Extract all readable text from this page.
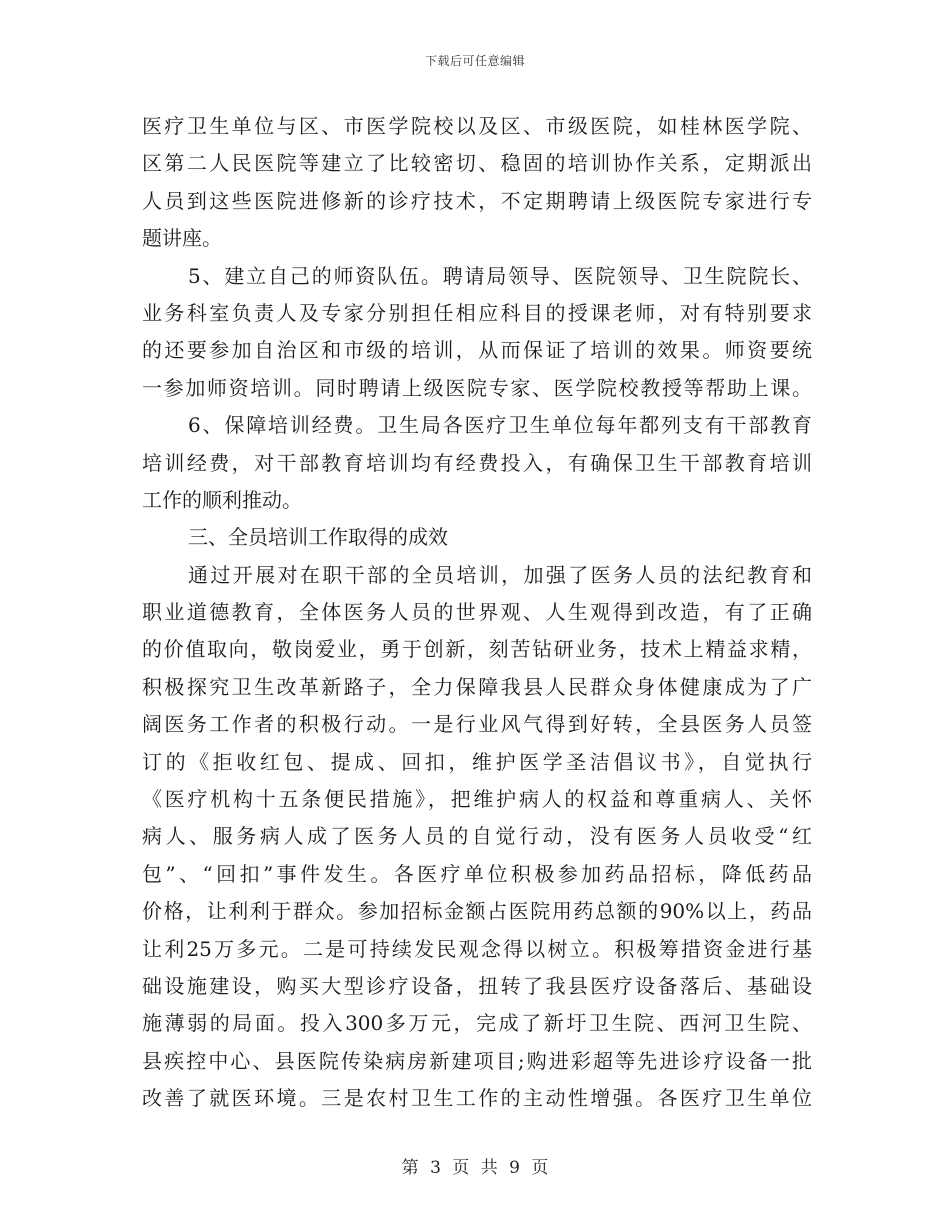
下载后可任意编辑
医疗卫生单位与区、市医学院校以及区、市级医院，如桂林医学院、
区第二人民医院等建立了比较密切、稳固的培训协作关系，定期派出
人员到这些医院进修新的诊疗技术，不定期聘请上级医院专家进行专
题讲座。
5、建立自己的师资队伍。聘请局领导、医院领导、卫生院院长、
业务科室负责人及专家分别担任相应科目的授课老师，对有特别要求
的还要参加自治区和市级的培训，从而保证了培训的效果。师资要统
一参加师资培训。同时聘请上级医院专家、医学院校教授等帮助上课。
6、保障培训经费。卫生局各医疗卫生单位每年都列支有干部教育
培训经费，对干部教育培训均有经费投入，有确保卫生干部教育培训
工作的顺利推动。
三、全员培训工作取得的成效
通过开展对在职干部的全员培训，加强了医务人员的法纪教育和
职业道德教育，全体医务人员的世界观、人生观得到改造，有了正确
的价值取向，敬岗爱业，勇于创新，刻苦钻研业务，技术上精益求精，
积极探究卫生改革新路子，全力保障我县人民群众身体健康成为了广
阔医务工作者的积极行动。一是行业风气得到好转，全县医务人员签
订的《拒收红包、提成、回扣，维护医学圣洁倡议书》，自觉执行
《医疗机构十五条便民措施》，把维护病人的权益和尊重病人、关怀
病人、服务病人成了医务人员的自觉行动，没有医务人员收受“红
包”、“回扣”事件发生。各医疗单位积极参加药品招标，降低药品
价格，让利利于群众。参加招标金额占医院用药总额的90%以上，药品
让利25万多元。二是可持续发民观念得以树立。积极筹措资金进行基
础设施建设，购买大型诊疗设备，扭转了我县医疗设备落后、基础设
施薄弱的局面。投入300多万元，完成了新圩卫生院、西河卫生院、
县疾控中心、县医院传染病房新建项目;购进彩超等先进诊疗设备一批
改善了就医环境。三是农村卫生工作的主动性增强。各医疗卫生单位
第 3 页 共 9 页
